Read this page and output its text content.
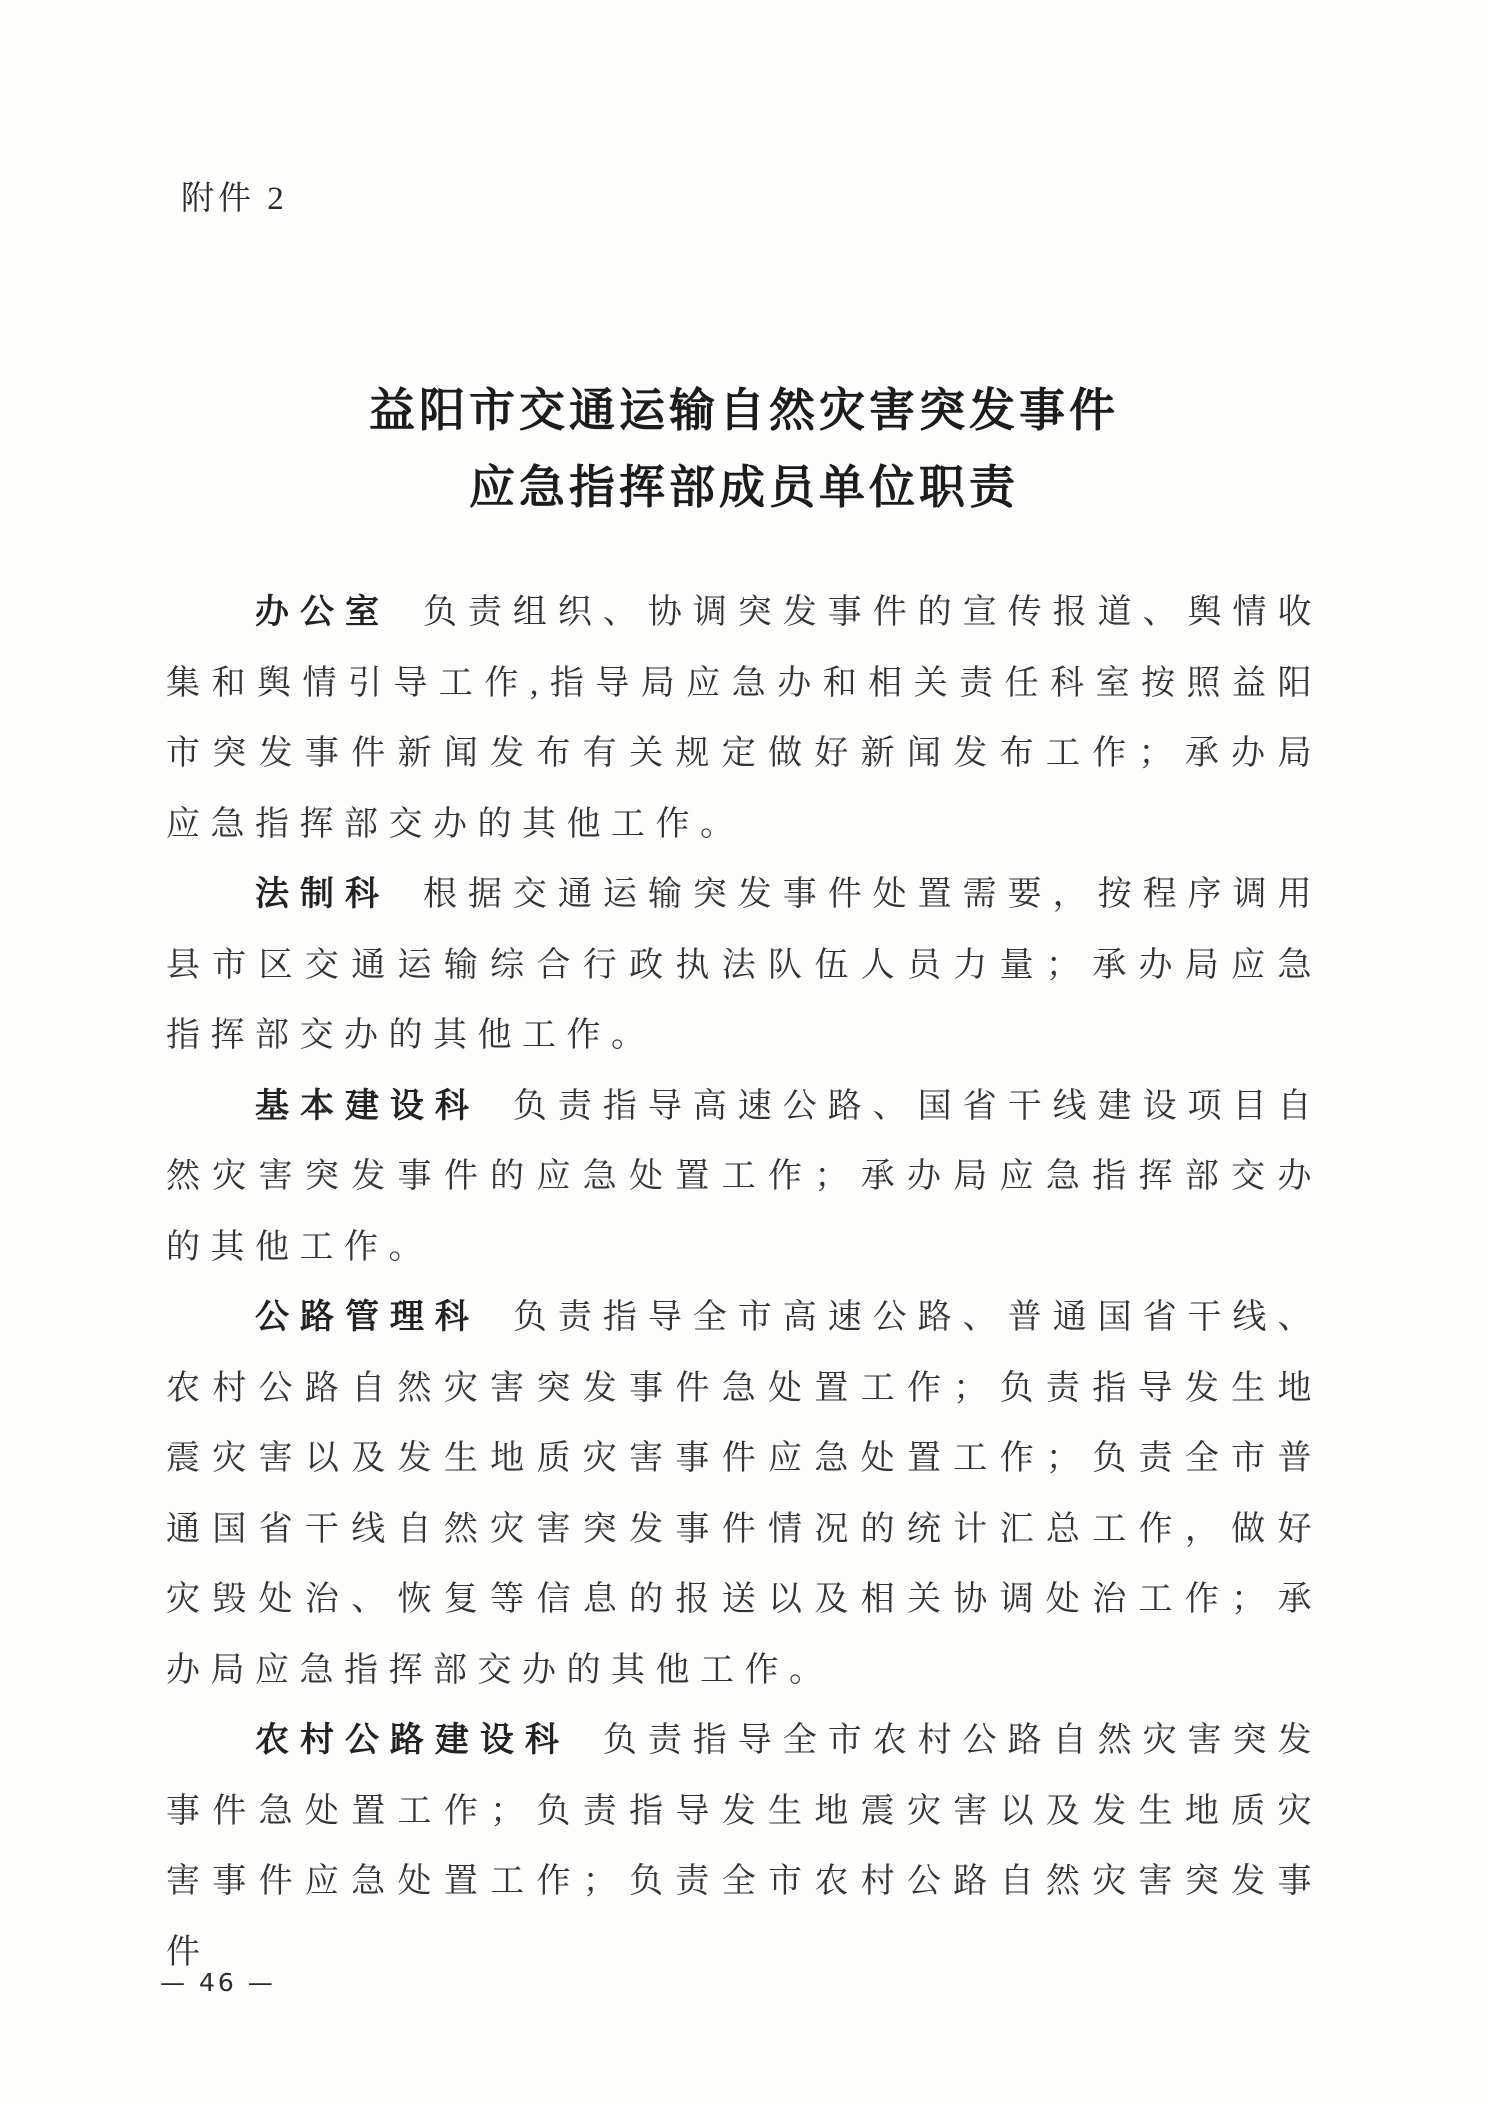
附件 2
益阳市交通运输自然灾害突发事件
应急指挥部成员单位职责

办公室 负责组织、协调突发事件的宣传报道、舆情收集和舆情引导工作,指导局应急办和相关责任科室按照益阳市突发事件新闻发布有关规定做好新闻发布工作；承办局应急指挥部交办的其他工作。

法制科 根据交通运输突发事件处置需要，按程序调用县市区交通运输综合行政执法队伍人员力量；承办局应急指挥部交办的其他工作。

基本建设科 负责指导高速公路、国省干线建设项目自然灾害突发事件的应急处置工作；承办局应急指挥部交办的其他工作。

公路管理科 负责指导全市高速公路、普通国省干线、农村公路自然灾害突发事件急处置工作；负责指导发生地震灾害以及发生地质灾害事件应急处置工作；负责全市普通国省干线自然灾害突发事件情况的统计汇总工作，做好灾毁处治、恢复等信息的报送以及相关协调处治工作；承办局应急指挥部交办的其他工作。

农村公路建设科 负责指导全市农村公路自然灾害突发事件急处置工作；负责指导发生地震灾害以及发生地质灾害事件应急处置工作；负责全市农村公路自然灾害突发事件

— 46 —
